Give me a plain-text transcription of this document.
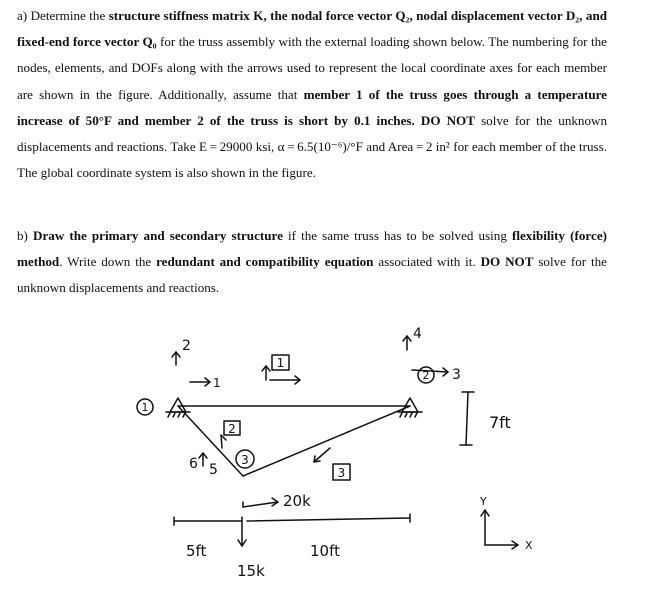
a) Determine the structure stiffness matrix K, the nodal force vector Q₂, nodal displacement vector D₂, and fixed-end force vector Q₀ for the truss assembly with the external loading shown below. The numbering for the nodes, elements, and DOFs along with the arrows used to represent the local coordinate axes for each member are shown in the figure. Additionally, assume that member 1 of the truss goes through a temperature increase of 50°F and member 2 of the truss is short by 0.1 inches. DO NOT solve for the unknown displacements and reactions. Take E = 29000 ksi, α = 6.5(10⁻⁶)/°F and Area = 2 in² for each member of the truss. The global coordinate system is also shown in the figure.

b) Draw the primary and secondary structure if the same truss has to be solved using flexibility (force) method. Write down the redundant and compatibility equation associated with it. DO NOT solve for the unknown displacements and reactions.

2
1
4
3
6 5
1
2
3
1
2
3
20k
15k
5ft	10ft
7ft
Y
X
